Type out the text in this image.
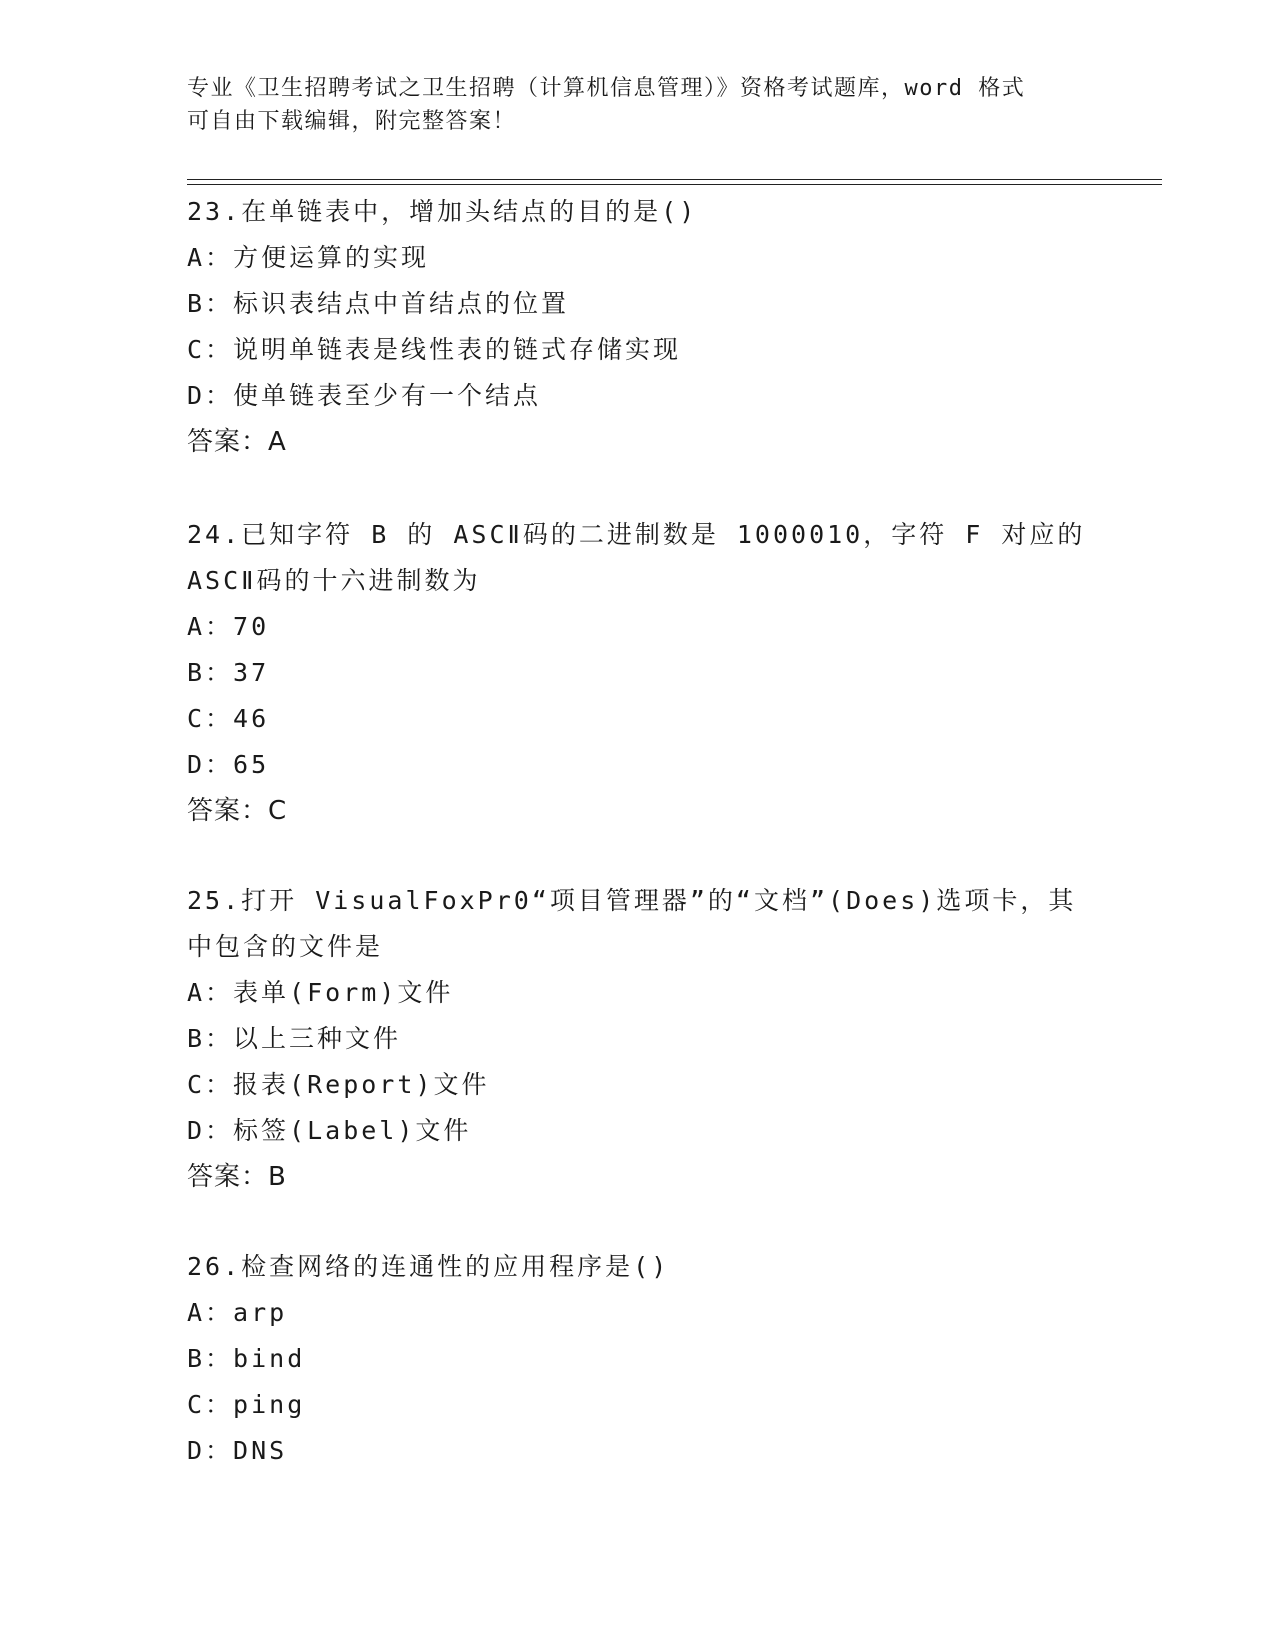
专业《卫生招聘考试之卫生招聘（计算机信息管理）》资格考试题库，word 格式
可自由下载编辑，附完整答案！

23.在单链表中，增加头结点的目的是()

A：方便运算的实现

B：标识表结点中首结点的位置

C：说明单链表是线性表的链式存储实现

D：使单链表至少有一个结点

答案：A

24.已知字符 B 的 ASCⅡ码的二进制数是 1000010，字符 F 对应的 ASCⅡ码的十六进制数为

A：70

B：37

C：46

D：65

答案：C

25.打开 VisualFoxPr0“项目管理器”的“文档”(Does)选项卡，其中包含的文件是

A：表单(Form)文件

B：以上三种文件

C：报表(Report)文件

D：标签(Label)文件

答案：B

26.检查网络的连通性的应用程序是()

A：arp

B：bind

C：ping

D：DNS
